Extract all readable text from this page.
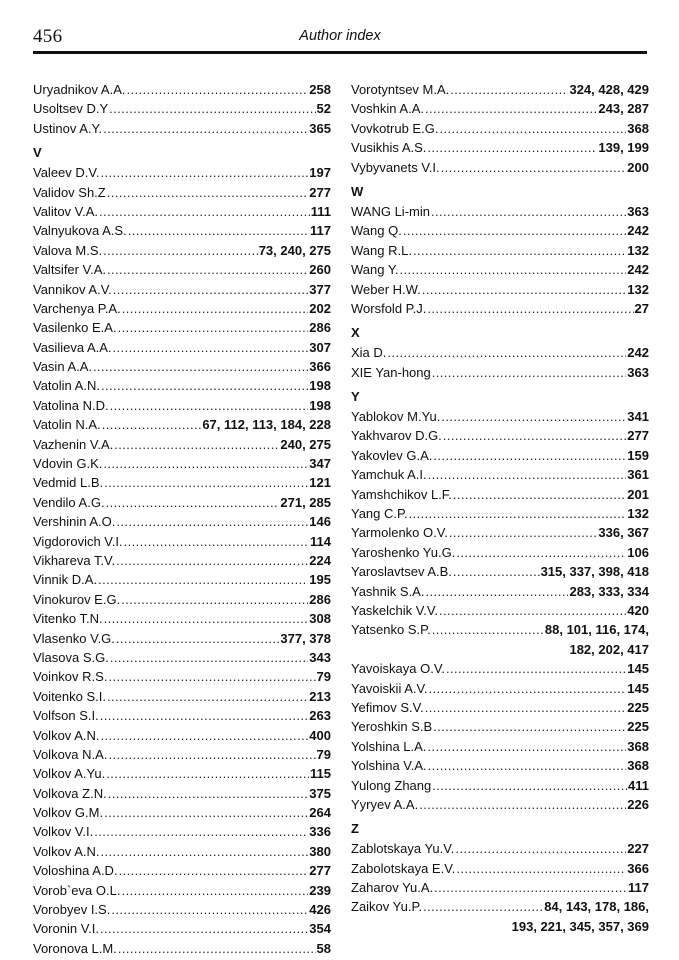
456	Author index
Uryadnikov A.A. .....	258
Usoltsev D.Y .....	52
Ustinov A.Y. .....	365
V
Valeev D.V. .....	197
Validov Sh.Z .....	277
Valitov V.A. .....	111
Valnyukova A.S. .....	117
Valova M.S. .....	73, 240, 275
Valtsifer V.A. .....	260
Vannikov A.V. .....	377
Varchenya P.A. .....	202
Vasilenko E.A. .....	286
Vasilieva A.A. .....	307
Vasin A.A. .....	366
Vatolin A.N. .....	198
Vatolina N.D. .....	198
Vatolin N.A. .....	67, 112, 113, 184, 228
Vazhenin V.A. .....	240, 275
Vdovin G.K. .....	347
Vedmid L.B. .....	121
Vendilo A.G. .....	271, 285
Vershinin A.O. .....	146
Vigdorovich V.I. .....	114
Vikhareva T.V. .....	224
Vinnik D.A. .....	195
Vinokurov E.G. .....	286
Vitenko T.N. .....	308
Vlasenko V.G. .....	377, 378
Vlasova S.G. .....	343
Voinkov R.S. .....	79
Voitenko S.I. .....	213
Volfson S.I. .....	263
Volkov A.N. .....	400
Volkova N.A. .....	79
Volkov A.Yu. .....	115
Volkova Z.N. .....	375
Volkov G.M. .....	264
Volkov V.I. .....	336
Volkov A.N. .....	380
Voloshina A.D. .....	277
Vorob`eva O.L. .....	239
Vorobyev I.S. .....	426
Voronin V.I. .....	354
Voronova L.M. .....	58
Vorotyntsev M.A. .....	324, 428, 429
Voshkin A.A. .....	243, 287
Vovkotrub E.G. .....	368
Vusikhis A.S. .....	139, 199
Vybyvanets V.I. .....	200
W
WANG Li-min .....	363
Wang Q. .....	242
Wang R.L. .....	132
Wang Y. .....	242
Weber H.W. .....	132
Worsfold P.J. .....	27
X
Xia D. .....	242
XIE Yan-hong .....	363
Y
Yablokov M.Yu. .....	341
Yakhvarov D.G. .....	277
Yakovlev G.A. .....	159
Yamchuk A.I. .....	361
Yamshchikov L.F. .....	201
Yang C.P. .....	132
Yarmolenko O.V. .....	336, 367
Yaroshenko Yu.G. .....	106
Yaroslavtsev A.B. .....	315, 337, 398, 418
Yashnik S.A. .....	283, 333, 334
Yaskelchik V.V. .....	420
Yatsenko S.P. .....	88, 101, 116, 174,
182, 202, 417
Yavoiskaya O.V. .....	145
Yavoiskii A.V. .....	145
Yefimov S.V. .....	225
Yeroshkin S.B .....	225
Yolshina L.A. .....	368
Yolshina V.A. .....	368
Yulong Zhang .....	411
Yyryev A.A. .....	226
Z
Zablotskaya Yu.V. .....	227
Zabolotskaya E.V. .....	366
Zaharov Yu.A. .....	117
Zaikov Yu.P. .....	84, 143, 178, 186,
193, 221, 345, 357, 369
